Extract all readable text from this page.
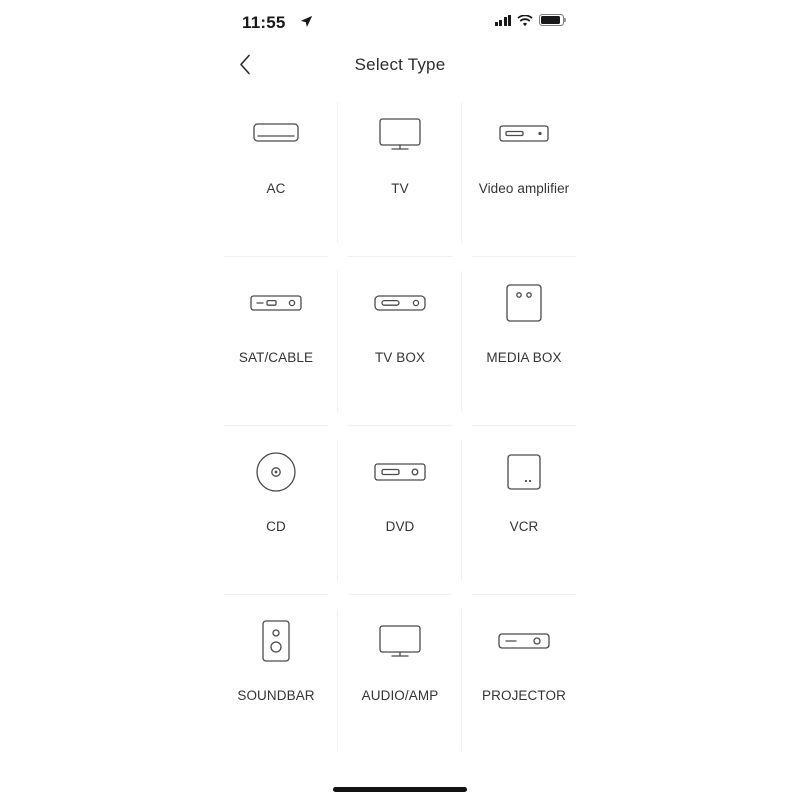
11:55
Select Type
AC	TV	Video amplifier
SAT/CABLE	TV BOX	MEDIA BOX
CD	DVD	VCR
SOUNDBAR	AUDIO/AMP	PROJECTOR
